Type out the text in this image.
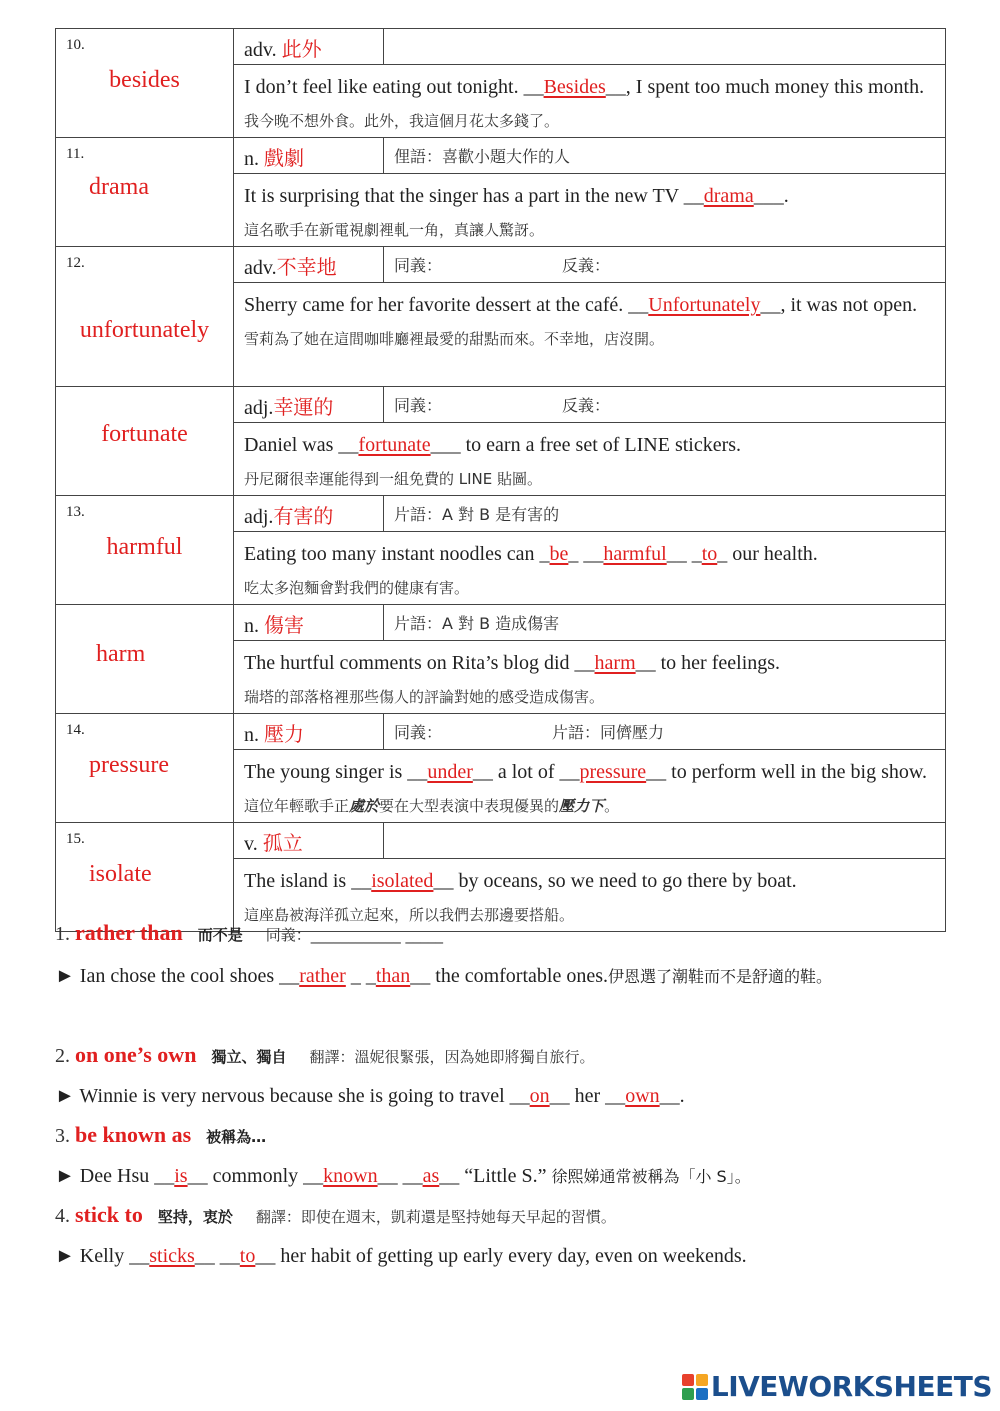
10.
besides	adv. 此外	
	I don’t feel like eating out tonight. __Besides__, I spent too much money this month. 我今晚不想外食。此外，我這個月花太多錢了。	

11.
drama	n. 戲劇	俚語：喜歡小題大作的人
	It is surprising that the singer has a part in the new TV __drama___.
這名歌手在新電視劇裡軋一角，真讓人驚訝。	

12.
unfortunately	adv.不幸地	同義： 反義：
	Sherry came for her favorite dessert at the café. __Unfortunately__, it was not open. 雪莉為了她在這間咖啡廳裡最愛的甜點而來。不幸地，店沒開。	

fortunate	adj.幸運的	同義： 反義：
	Daniel was __fortunate___ to earn a free set of LINE stickers.
丹尼爾很幸運能得到一組免費的 LINE 貼圖。	

13.
harmful	adj.有害的	片語：A 對 B 是有害的
	Eating too many instant noodles can _be_ __harmful__ _to_ our health.
吃太多泡麵會對我們的健康有害。	

harm	n. 傷害	片語：A 對 B 造成傷害
	The hurtful comments on Rita’s blog did __harm__ to her feelings.
瑞塔的部落格裡那些傷人的評論對她的感受造成傷害。	

14.
pressure	n. 壓力	同義： 片語：同儕壓力
	The young singer is __under__ a lot of __pressure__ to perform well in the big show. 這位年輕歌手正處於要在大型表演中表現優異的壓力下。	

15.
isolate	v. 孤立	
	The island is __isolated__ by oceans, so we need to go there by boat.
這座島被海洋孤立起來，所以我們去那邊要搭船。	
1. rather than 而不是 同義：____________ _____
► Ian chose the cool shoes __rather _ _than__ the comfortable ones.伊恩選了潮鞋而不是舒適的鞋。
2. on one’s own 獨立、獨自 翻譯：溫妮很緊張，因為她即將獨自旅行。
► Winnie is very nervous because she is going to travel __on__ her __own__.
3. be known as 被稱為…
► Dee Hsu __is__ commonly __known__ __as__ “Little S.” 徐熙娣通常被稱為「小 S」。
4. stick to 堅持，衷於 翻譯：即使在週末，凱莉還是堅持她每天早起的習慣。
► Kelly __sticks__ __to__ her habit of getting up early every day, even on weekends.
LIVEWORKSHEETS
